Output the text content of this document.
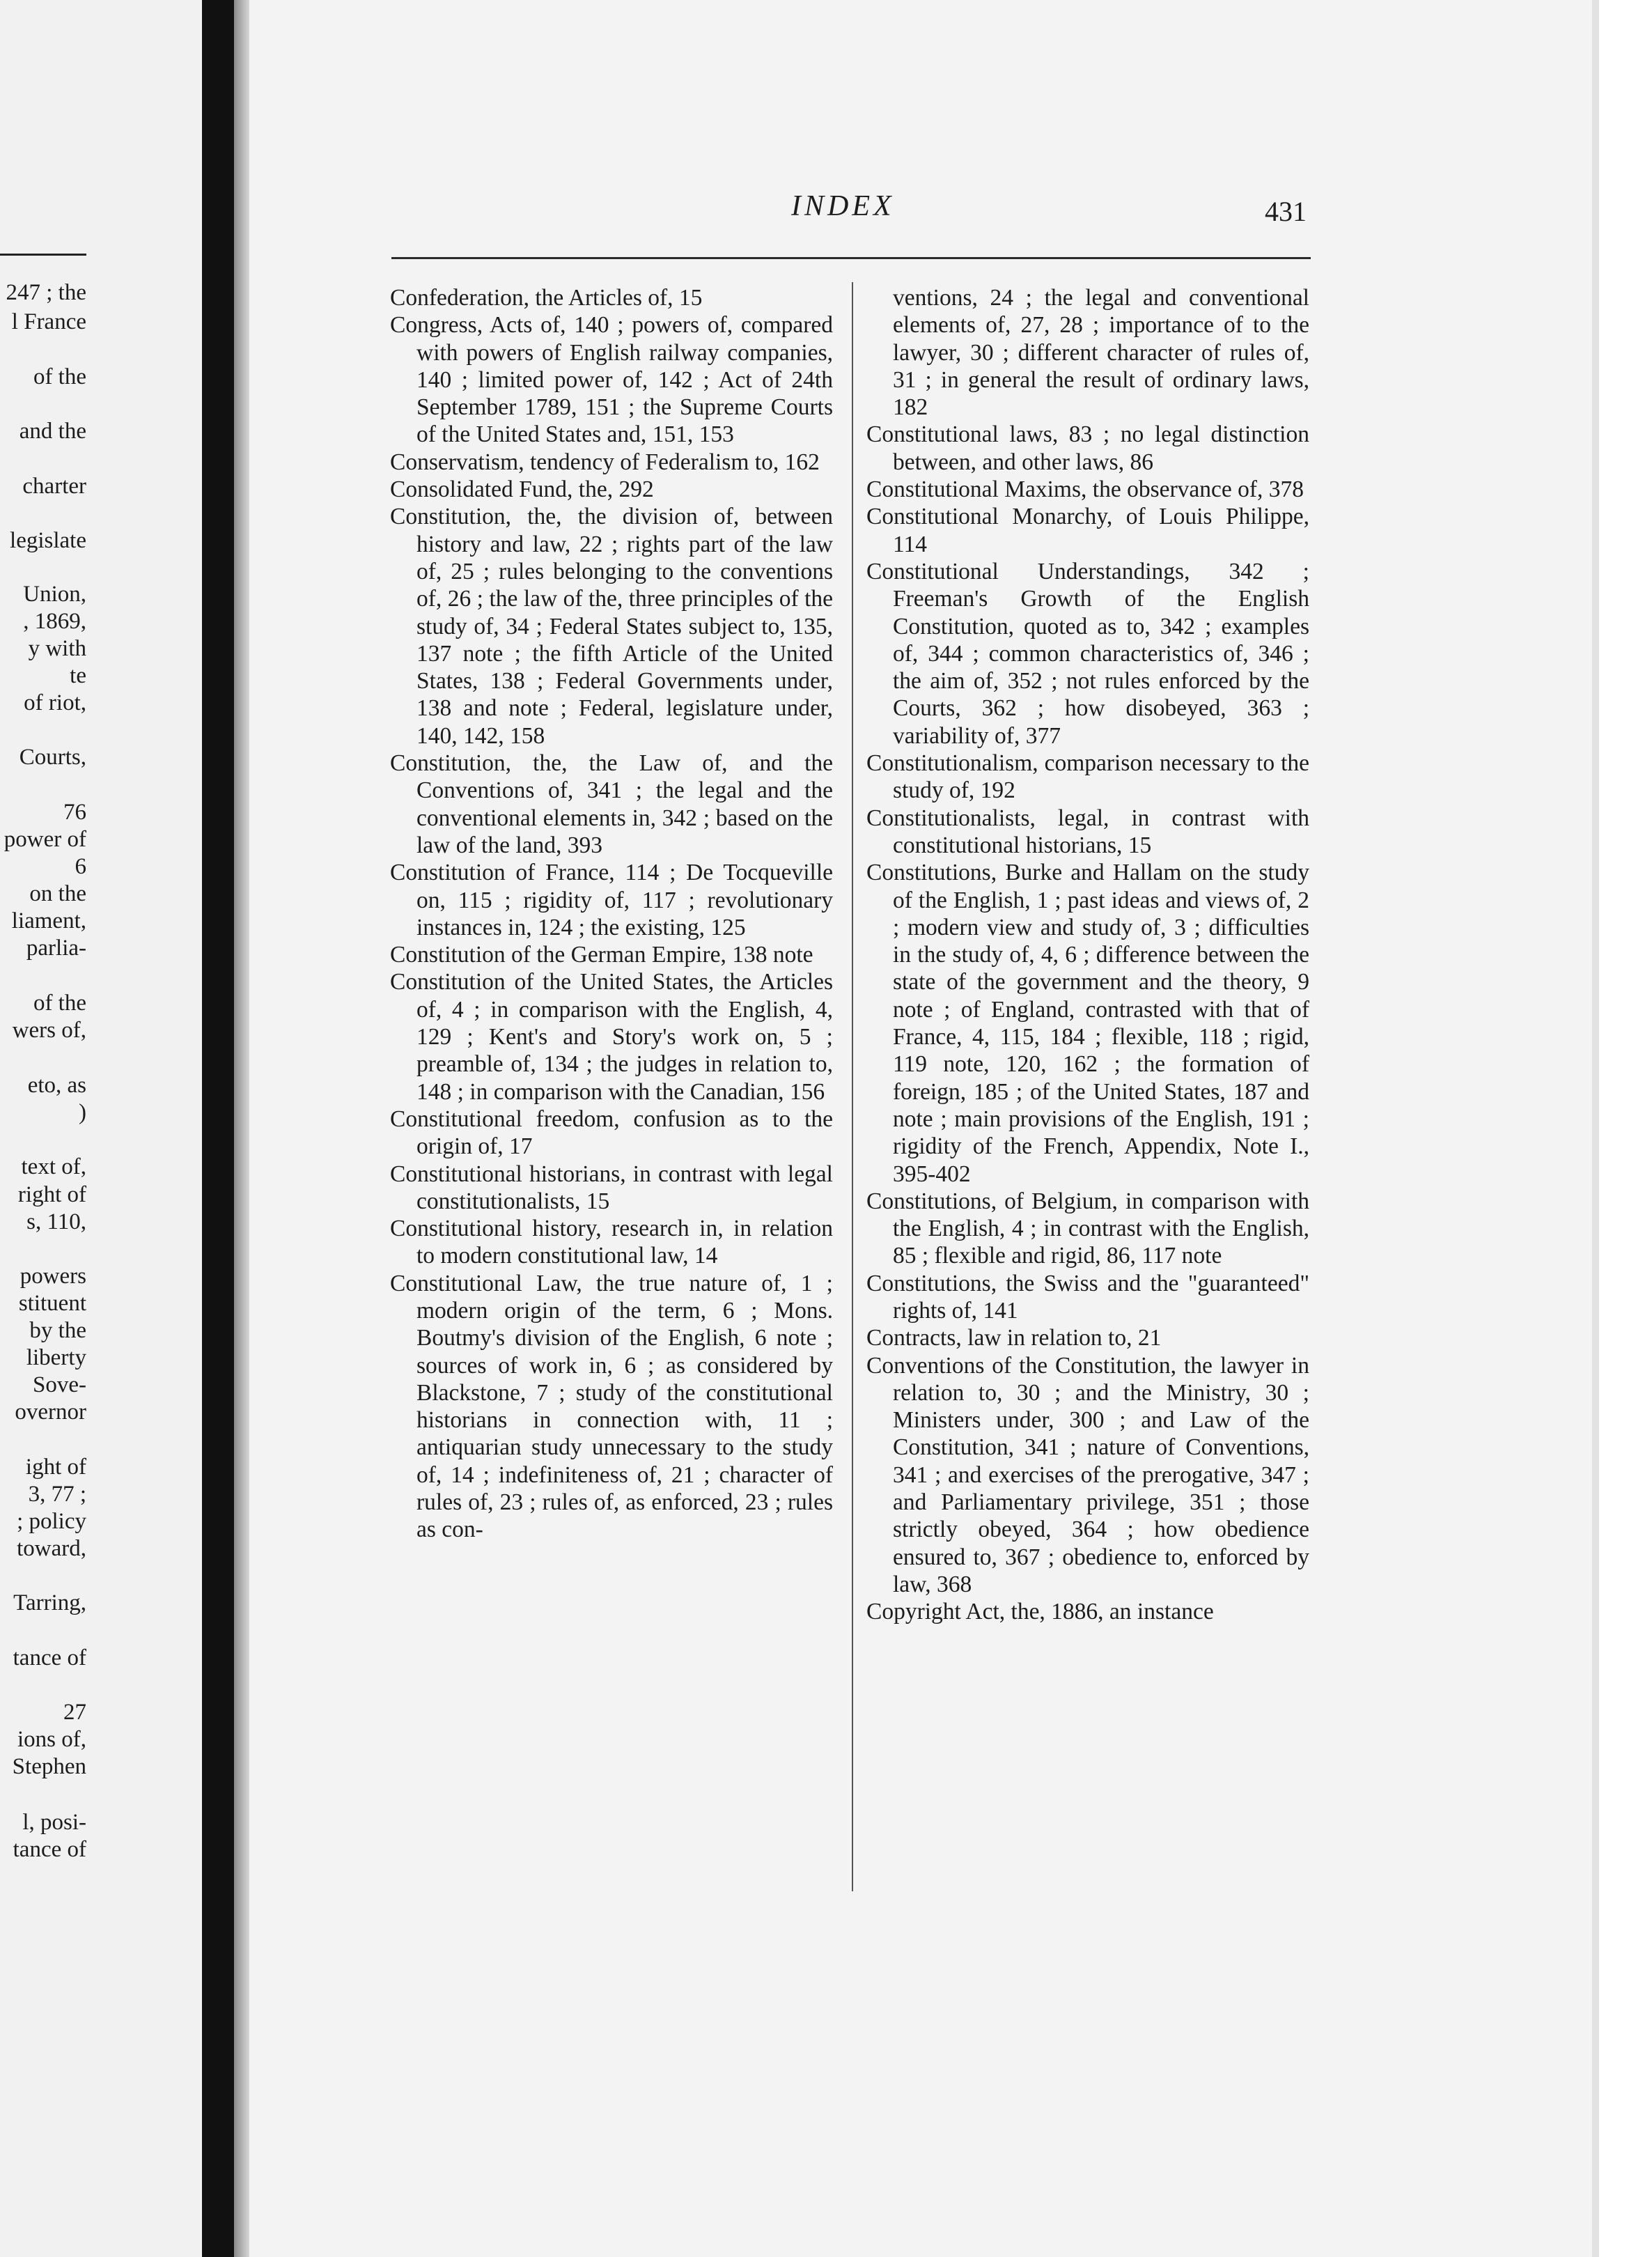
247 ; the
l France
of the
and the
charter
legislate
Union,
, 1869,
y with
te
of riot,
Courts,
76
power of
6
on the
liament,
parlia-
of the
wers of,
eto, as
)
text of,
right of
s, 110,
powers
stituent
by the
liberty
Sove-
overnor
ight of
3, 77 ;
; policy
toward,
Tarring,
tance of
27
ions of,
Stephen
l, posi-
tance of
INDEX	431

Confederation, the Articles of, 15

Congress, Acts of, 140 ; powers of, compared with powers of English railway companies, 140 ; limited power of, 142 ; Act of 24th September 1789, 151 ; the Supreme Courts of the United States and, 151, 153

Conservatism, tendency of Federalism to, 162

Consolidated Fund, the, 292

Constitution, the, the division of, between history and law, 22 ; rights part of the law of, 25 ; rules belonging to the conventions of, 26 ; the law of the, three principles of the study of, 34 ; Federal States subject to, 135, 137 note ; the fifth Article of the United States, 138 ; Federal Governments under, 138 and note ; Federal, legislature under, 140, 142, 158

Constitution, the, the Law of, and the Conventions of, 341 ; the legal and the conventional elements in, 342 ; based on the law of the land, 393

Constitution of France, 114 ; De Tocqueville on, 115 ; rigidity of, 117 ; revolutionary instances in, 124 ; the existing, 125

Constitution of the German Empire, 138 note

Constitution of the United States, the Articles of, 4 ; in comparison with the English, 4, 129 ; Kent's and Story's work on, 5 ; preamble of, 134 ; the judges in relation to, 148 ; in comparison with the Canadian, 156

Constitutional freedom, confusion as to the origin of, 17

Constitutional historians, in contrast with legal constitutionalists, 15

Constitutional history, research in, in relation to modern constitutional law, 14

Constitutional Law, the true nature of, 1 ; modern origin of the term, 6 ; Mons. Boutmy's division of the English, 6 note ; sources of work in, 6 ; as considered by Blackstone, 7 ; study of the constitutional historians in connection with, 11 ; antiquarian study unnecessary to the study of, 14 ; indefiniteness of, 21 ; character of rules of, 23 ; rules of, as enforced, 23 ; rules as con-

ventions, 24 ; the legal and conventional elements of, 27, 28 ; importance of to the lawyer, 30 ; different character of rules of, 31 ; in general the result of ordinary laws, 182

Constitutional laws, 83 ; no legal distinction between, and other laws, 86

Constitutional Maxims, the observance of, 378

Constitutional Monarchy, of Louis Philippe, 114

Constitutional Understandings, 342 ; Freeman's Growth of the English Constitution, quoted as to, 342 ; examples of, 344 ; common characteristics of, 346 ; the aim of, 352 ; not rules enforced by the Courts, 362 ; how disobeyed, 363 ; variability of, 377

Constitutionalism, comparison necessary to the study of, 192

Constitutionalists, legal, in contrast with constitutional historians, 15

Constitutions, Burke and Hallam on the study of the English, 1 ; past ideas and views of, 2 ; modern view and study of, 3 ; difficulties in the study of, 4, 6 ; difference between the state of the government and the theory, 9 note ; of England, contrasted with that of France, 4, 115, 184 ; flexible, 118 ; rigid, 119 note, 120, 162 ; the formation of foreign, 185 ; of the United States, 187 and note ; main provisions of the English, 191 ; rigidity of the French, Appendix, Note I., 395-402

Constitutions, of Belgium, in comparison with the English, 4 ; in contrast with the English, 85 ; flexible and rigid, 86, 117 note

Constitutions, the Swiss and the "guaranteed" rights of, 141

Contracts, law in relation to, 21

Conventions of the Constitution, the lawyer in relation to, 30 ; and the Ministry, 30 ; Ministers under, 300 ; and Law of the Constitution, 341 ; nature of Conventions, 341 ; and exercises of the prerogative, 347 ; and Parliamentary privilege, 351 ; those strictly obeyed, 364 ; how obedience ensured to, 367 ; obedience to, enforced by law, 368

Copyright Act, the, 1886, an instance
